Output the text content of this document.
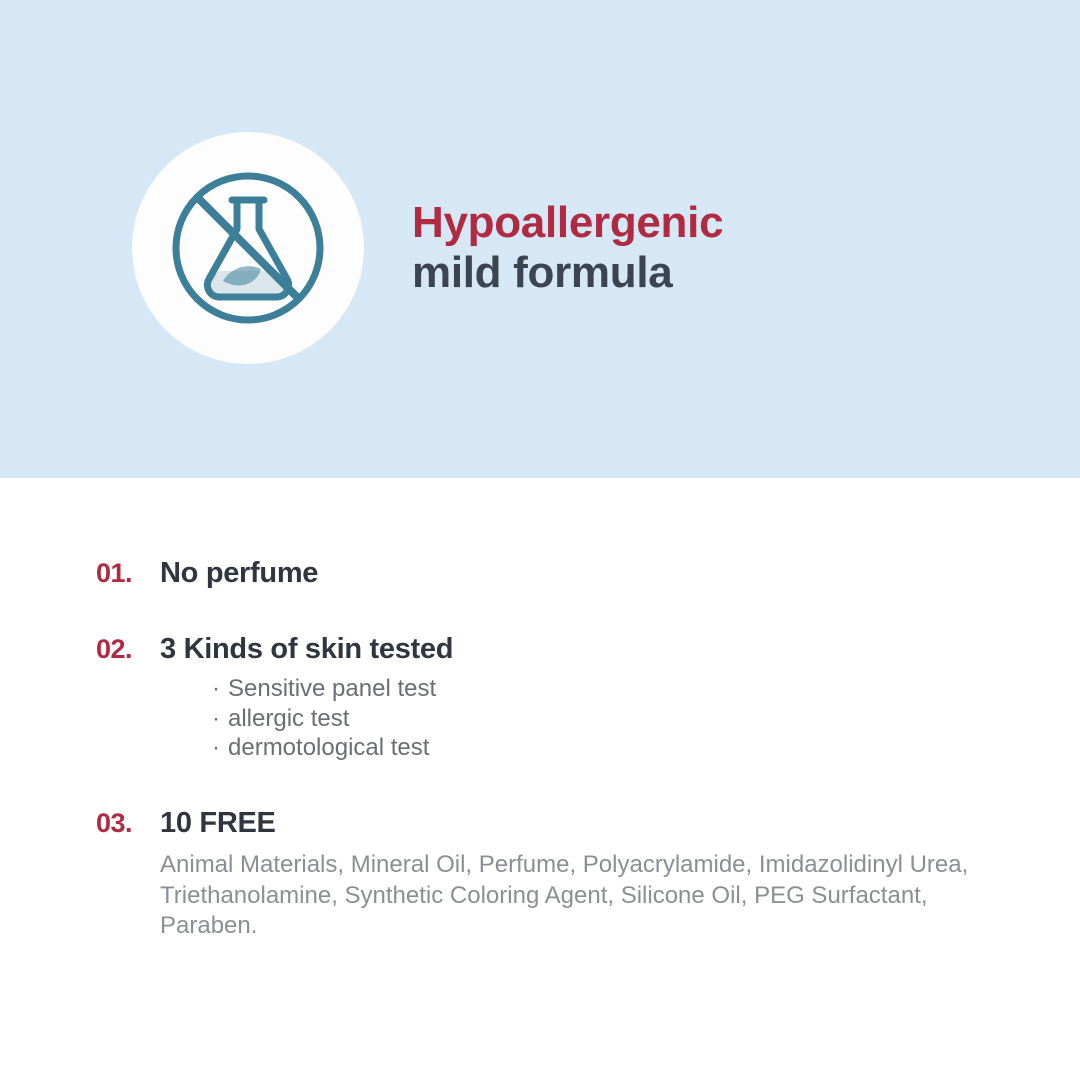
Hypoallergenic
mild formula
01. No perfume
02. 3 Kinds of skin tested
· Sensitive panel test
· allergic test
· dermotological test
03. 10 FREE
Animal Materials, Mineral Oil, Perfume, Polyacrylamide, Imidazolidinyl Urea, Triethanolamine, Synthetic Coloring Agent, Silicone Oil, PEG Surfactant, Paraben.
